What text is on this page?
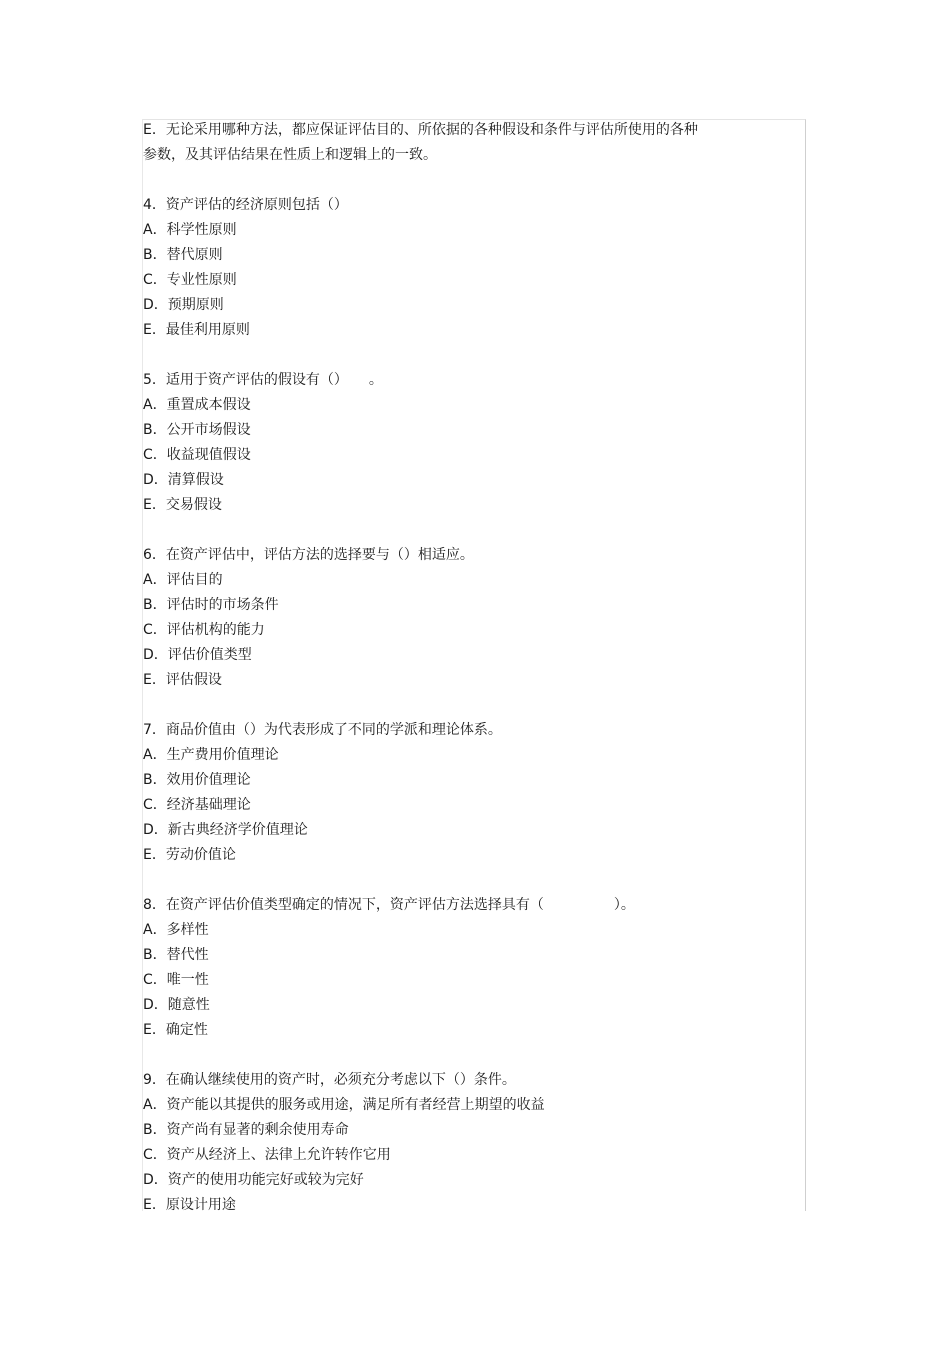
E．无论采用哪种方法，都应保证评估目的、所依据的各种假设和条件与评估所使用的各种
参数，及其评估结果在性质上和逻辑上的一致。
4．资产评估的经济原则包括（）
A．科学性原则
B．替代原则
C．专业性原则
D．预期原则
E．最佳利用原则
5．适用于资产评估的假设有（）　　。
A．重置成本假设
B．公开市场假设
C．收益现值假设
D．清算假设
E．交易假设
6．在资产评估中，评估方法的选择要与（）相适应。
A．评估目的
B．评估时的市场条件
C．评估机构的能力
D．评估价值类型
E．评估假设
7．商品价值由（）为代表形成了不同的学派和理论体系。
A．生产费用价值理论
B．效用价值理论
C．经济基础理论
D．新古典经济学价值理论
E．劳动价值论
8．在资产评估价值类型确定的情况下，资产评估方法选择具有（　　　　　）。
A．多样性
B．替代性
C．唯一性
D．随意性
E．确定性
9．在确认继续使用的资产时，必须充分考虑以下（）条件。
A．资产能以其提供的服务或用途，满足所有者经营上期望的收益
B．资产尚有显著的剩余使用寿命
C．资产从经济上、法律上允许转作它用
D．资产的使用功能完好或较为完好
E．原设计用途
